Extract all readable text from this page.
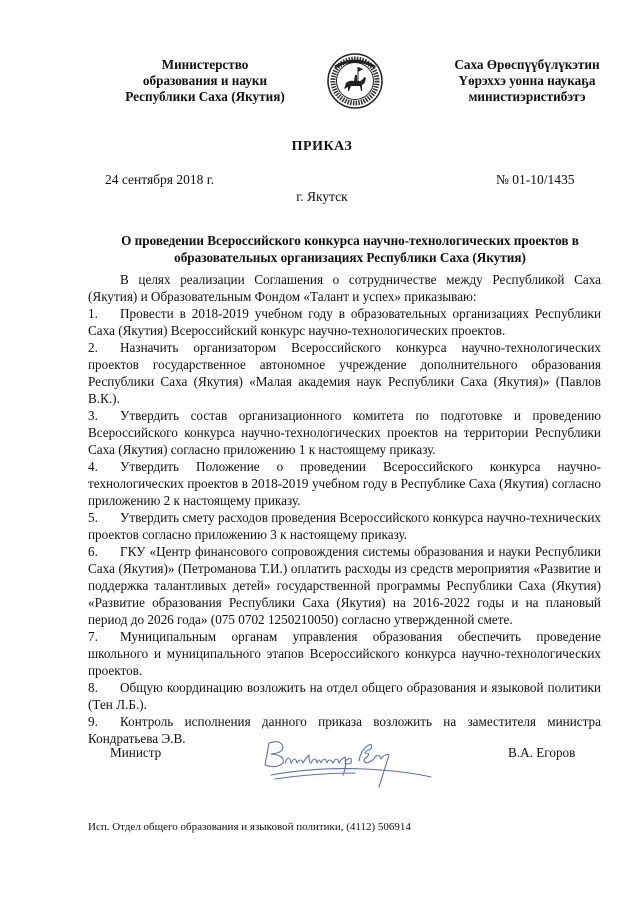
Министерство
образования и науки
Республики Саха (Якутия)
Саха Өрөспүүбүлүкэтин
Үөрэххэ уонна наукаҕа
министиэристибэтэ
ПРИКАЗ
24 сентября 2018 г.	№ 01-10/1435
г. Якутск
О проведении Всероссийского конкурса научно-технологических проектов в
образовательных организациях Республики Саха (Якутия)

В целях реализации Соглашения о сотрудничестве между Республикой Саха (Якутия) и Образовательным Фондом «Талант и успех» приказываю:

1. Провести в 2018-2019 учебном году в образовательных организациях Республики Саха (Якутия) Всероссийский конкурс научно-технологических проектов.

2. Назначить организатором Всероссийского конкурса научно-технологических проектов государственное автономное учреждение дополнительного образования Республики Саха (Якутия) «Малая академия наук Республики Саха (Якутия)» (Павлов В.К.).

3. Утвердить состав организационного комитета по подготовке и проведению Всероссийского конкурса научно-технологических проектов на территории Республики Саха (Якутия) согласно приложению 1 к настоящему приказу.

4. Утвердить Положение о проведении Всероссийского конкурса научно-технологических проектов в 2018-2019 учебном году в Республике Саха (Якутия) согласно приложению 2 к настоящему приказу.

5. Утвердить смету расходов проведения Всероссийского конкурса научно-технических проектов согласно приложению 3 к настоящему приказу.

6. ГКУ «Центр финансового сопровождения системы образования и науки Республики Саха (Якутия)» (Петроманова Т.И.) оплатить расходы из средств мероприятия «Развитие и поддержка талантливых детей» государственной программы Республики Саха (Якутия) «Развитие образования Республики Саха (Якутия) на 2016-2022 годы и на плановый период до 2026 года» (075 0702 1250210050) согласно утвержденной смете.

7. Муниципальным органам управления образования обеспечить проведение школьного и муниципального этапов Всероссийского конкурса научно-технологических проектов.

8. Общую координацию возложить на отдел общего образования и языковой политики (Тен Л.Б.).

9. Контроль исполнения данного приказа возложить на заместителя министра Кондратьева Э.В.

Министр	В.А. Егоров
Исп. Отдел общего образования и языковой политики, (4112) 506914
